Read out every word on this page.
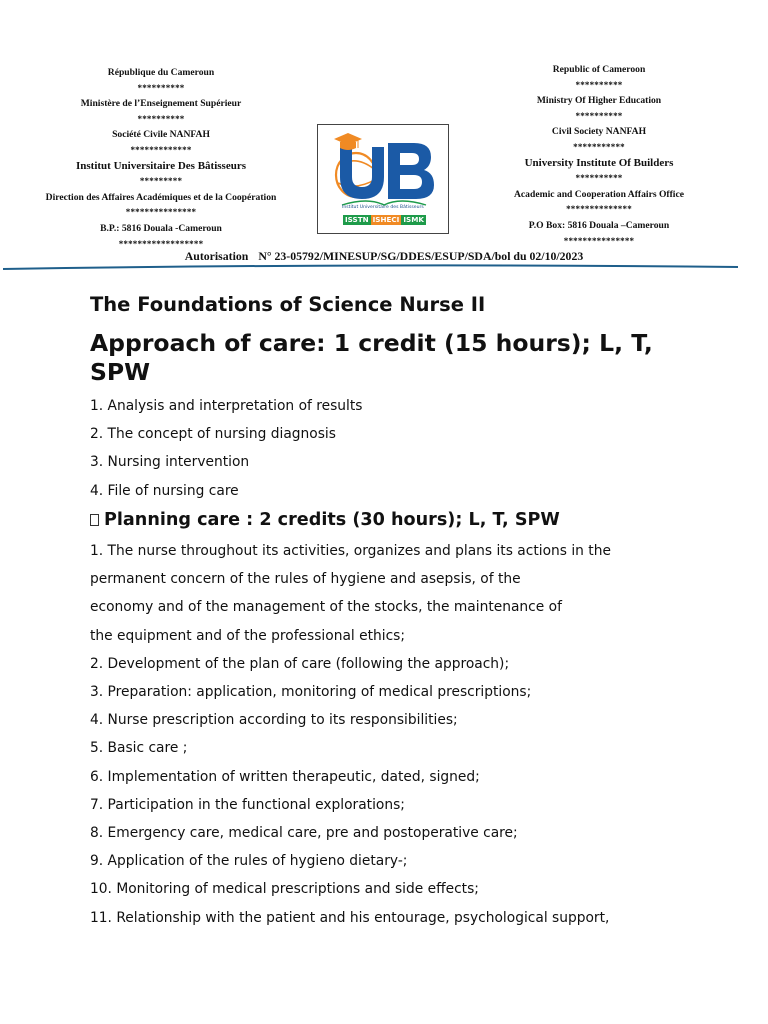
République du Cameroun
**********
Ministère de l’Enseignement Supérieur
**********
Société Civile NANFAH
*************
Institut Universitaire Des Bâtisseurs
*********
Direction des Affaires Académiques et de la Coopération
***************
B.P.: 5816 Douala -Cameroun
******************
Institut Universitaire des Bâtisseurs
ISSTN ISHECI ISMK
Republic of Cameroon
**********
Ministry Of Higher Education
**********
Civil Society NANFAH
***********
University Institute Of Builders
**********
Academic and Cooperation Affairs Office
**************
P.O Box: 5816 Douala –Cameroun
***************
Autorisation N° 23-05792/MINESUP/SG/DDES/ESUP/SDA/bol du 02/10/2023
The Foundations of Science Nurse II
Approach of care: 1 credit (15 hours); L, T, SPW
1. Analysis and interpretation of results
2. The concept of nursing diagnosis
3. Nursing intervention
4. File of nursing care
Planning care : 2 credits (30 hours); L, T, SPW
1. The nurse throughout its activities, organizes and plans its actions in the
permanent concern of the rules of hygiene and asepsis, of the
economy and of the management of the stocks, the maintenance of
the equipment and of the professional ethics;
2. Development of the plan of care (following the approach);
3. Preparation: application, monitoring of medical prescriptions;
4. Nurse prescription according to its responsibilities;
5. Basic care ;
6. Implementation of written therapeutic, dated, signed;
7. Participation in the functional explorations;
8. Emergency care, medical care, pre and postoperative care;
9. Application of the rules of hygieno dietary-;
10. Monitoring of medical prescriptions and side effects;
11. Relationship with the patient and his entourage, psychological support,
